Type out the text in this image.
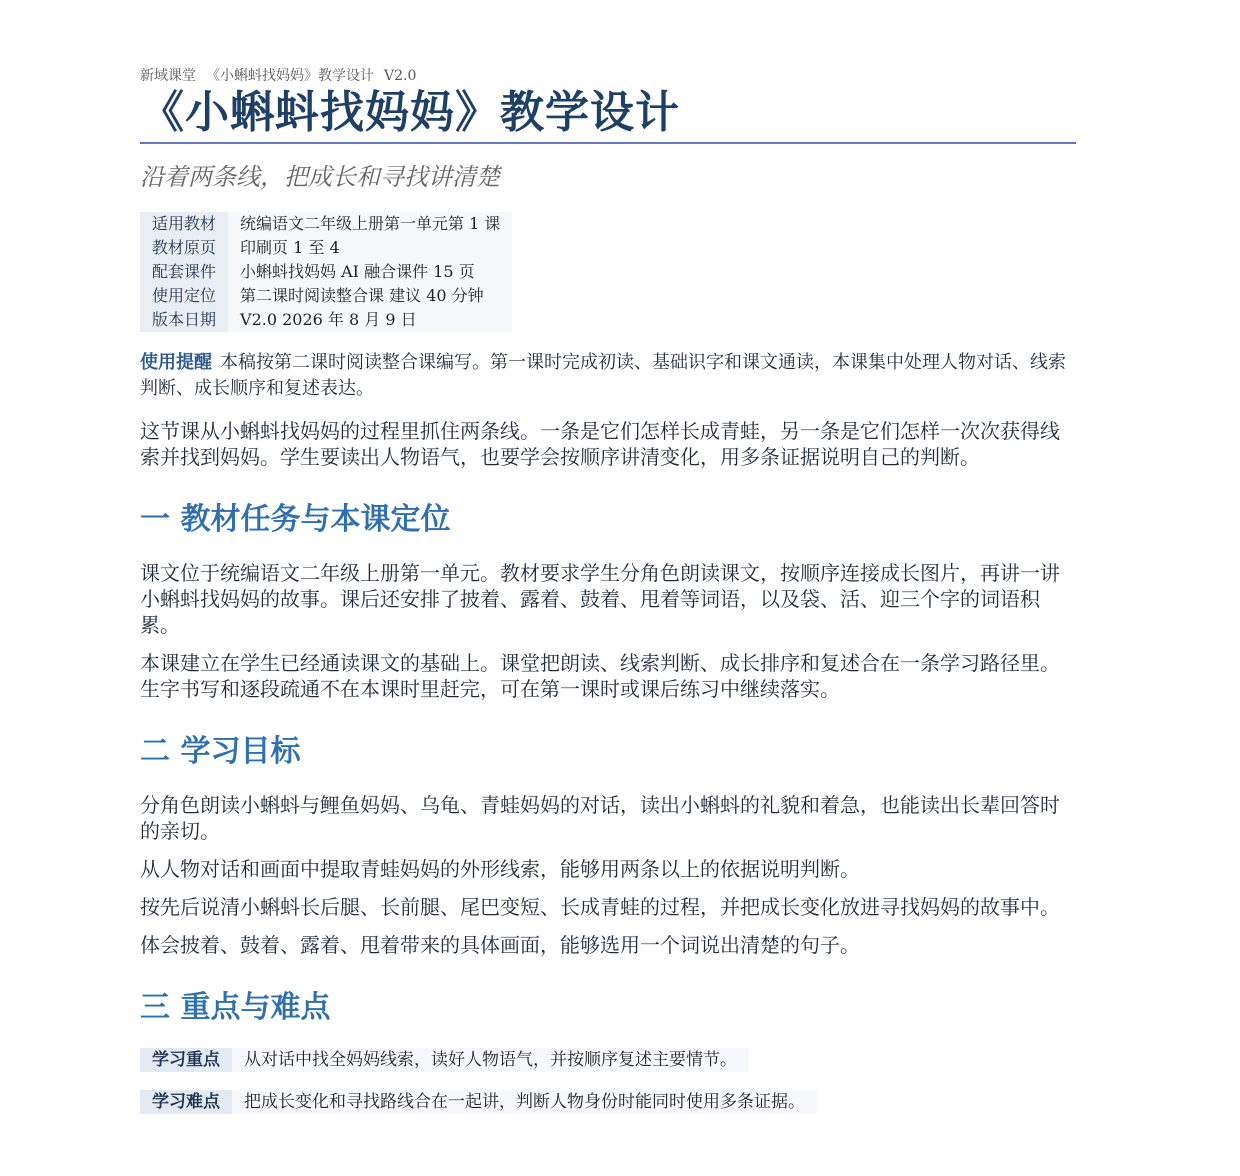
新域课堂 《小蝌蚪找妈妈》教学设计 V2.0
《小蝌蚪找妈妈》教学设计
沿着两条线，把成长和寻找讲清楚
适用教材	统编语文二年级上册第一单元第 1 课
教材原页	印刷页 1 至 4
配套课件	小蝌蚪找妈妈 AI 融合课件 15 页
使用定位	第二课时阅读整合课 建议 40 分钟
版本日期	V2.0 2026 年 8 月 9 日
使用提醒 本稿按第二课时阅读整合课编写。第一课时完成初读、基础识字和课文通读，本课集中处理人物对话、线索判断、成长顺序和复述表达。

这节课从小蝌蚪找妈妈的过程里抓住两条线。一条是它们怎样长成青蛙，另一条是它们怎样一次次获得线索并找到妈妈。学生要读出人物语气，也要学会按顺序讲清变化，用多条证据说明自己的判断。

一 教材任务与本课定位

课文位于统编语文二年级上册第一单元。教材要求学生分角色朗读课文，按顺序连接成长图片，再讲一讲小蝌蚪找妈妈的故事。课后还安排了披着、露着、鼓着、甩着等词语，以及袋、活、迎三个字的词语积累。

本课建立在学生已经通读课文的基础上。课堂把朗读、线索判断、成长排序和复述合在一条学习路径里。生字书写和逐段疏通不在本课时里赶完，可在第一课时或课后练习中继续落实。

二 学习目标

分角色朗读小蝌蚪与鲤鱼妈妈、乌龟、青蛙妈妈的对话，读出小蝌蚪的礼貌和着急，也能读出长辈回答时的亲切。

从人物对话和画面中提取青蛙妈妈的外形线索，能够用两条以上的依据说明判断。

按先后说清小蝌蚪长后腿、长前腿、尾巴变短、长成青蛙的过程，并把成长变化放进寻找妈妈的故事中。

体会披着、鼓着、露着、甩着带来的具体画面，能够选用一个词说出清楚的句子。

三 重点与难点
学习重点	从对话中找全妈妈线索，读好人物语气，并按顺序复述主要情节。
学习难点	把成长变化和寻找路线合在一起讲，判断人物身份时能同时使用多条证据。
